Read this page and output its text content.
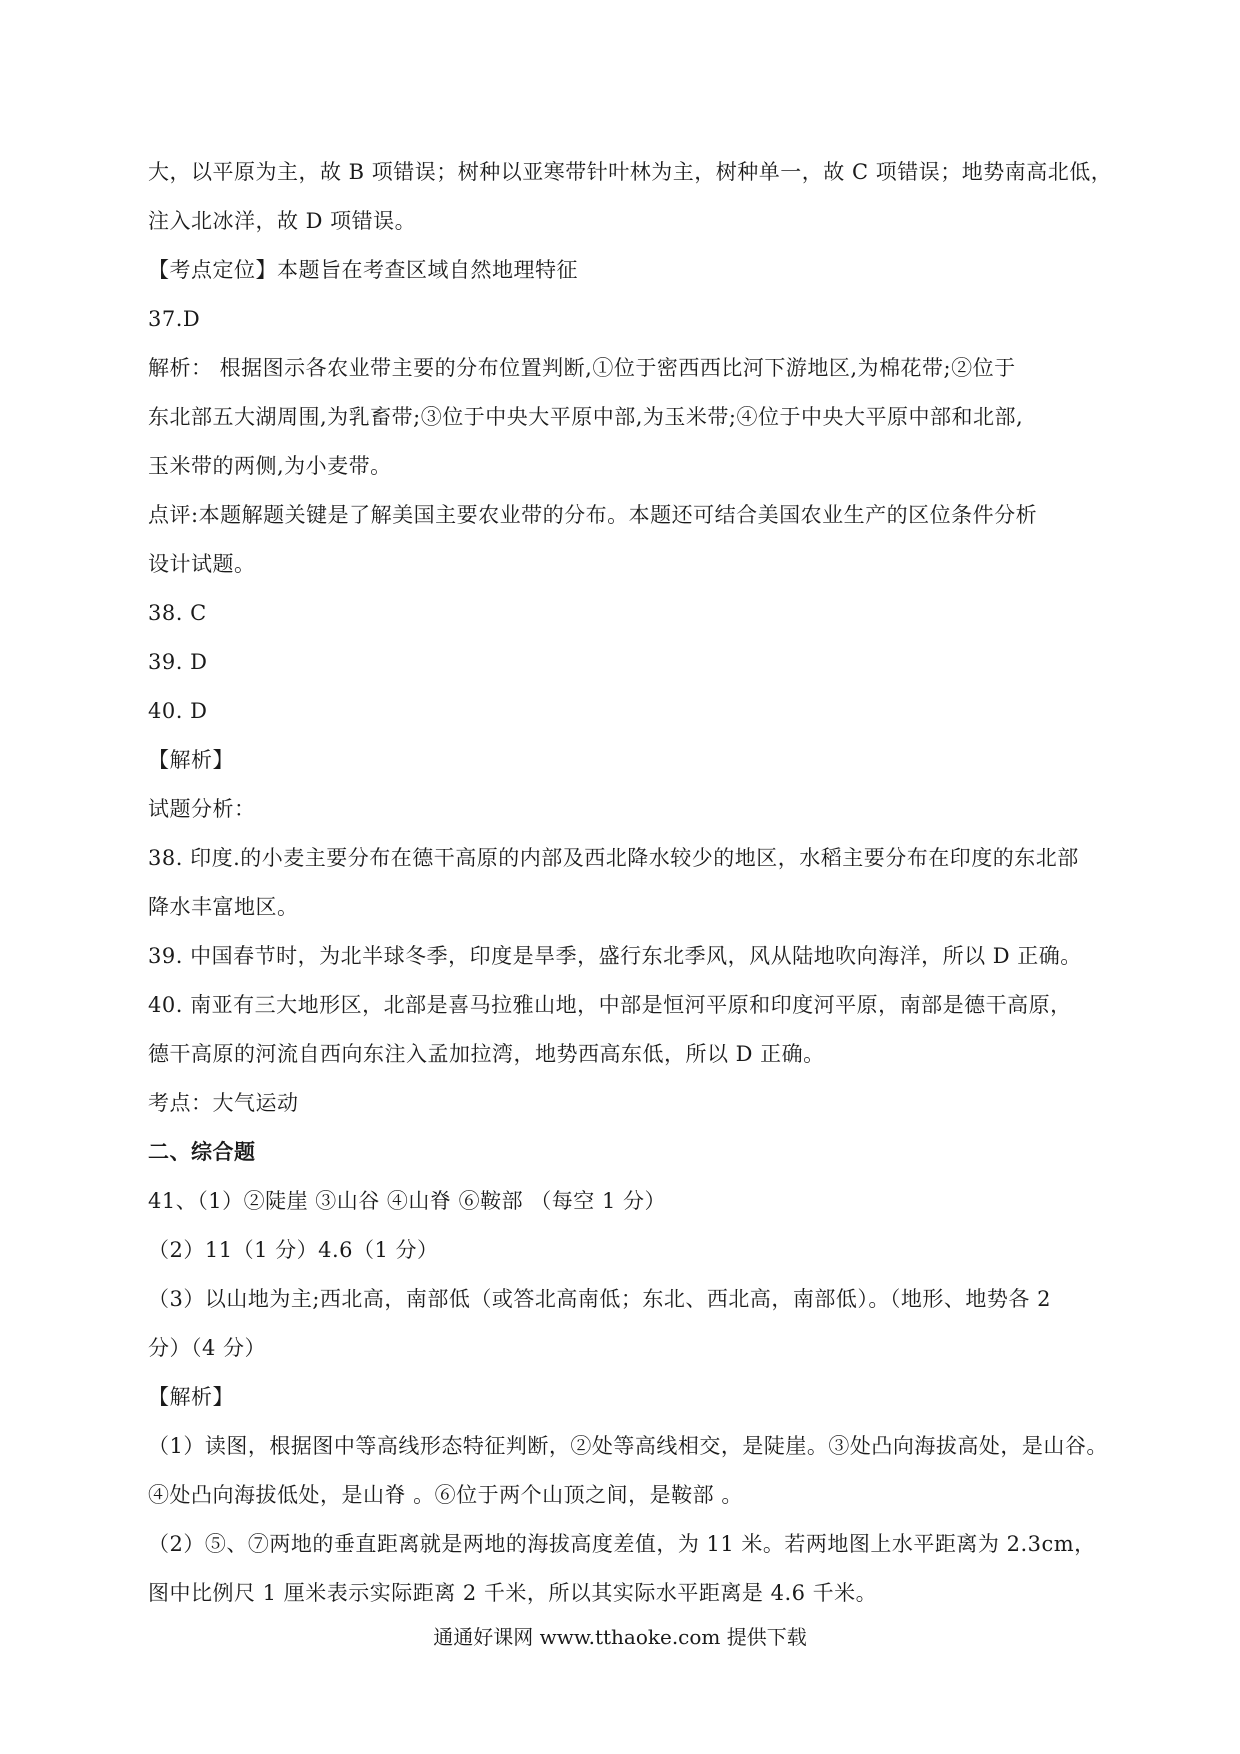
大，以平原为主，故 B 项错误；树种以亚寒带针叶林为主，树种单一，故 C 项错误；地势南高北低，
注入北冰洋，故 D 项错误。
【考点定位】本题旨在考查区域自然地理特征
37.D
解析： 根据图示各农业带主要的分布位置判断,①位于密西西比河下游地区,为棉花带;②位于
东北部五大湖周围,为乳畜带;③位于中央大平原中部,为玉米带;④位于中央大平原中部和北部,
玉米带的两侧,为小麦带。
点评:本题解题关键是了解美国主要农业带的分布。本题还可结合美国农业生产的区位条件分析
设计试题。
38. C
39. D
40. D
【解析】
试题分析：
38. 印度.的小麦主要分布在德干高原的内部及西北降水较少的地区，水稻主要分布在印度的东北部
降水丰富地区。
39. 中国春节时，为北半球冬季，印度是旱季，盛行东北季风，风从陆地吹向海洋，所以 D 正确。
40. 南亚有三大地形区，北部是喜马拉雅山地，中部是恒河平原和印度河平原，南部是德干高原，
德干高原的河流自西向东注入孟加拉湾，地势西高东低，所以 D 正确。
考点：大气运动
二、综合题
41、（1）②陡崖 ③山谷 ④山脊 ⑥鞍部 （每空 1 分）
（2）11（1 分）4.6（1 分）
（3）以山地为主;西北高，南部低（或答北高南低；东北、西北高，南部低）。（地形、地势各 2
分）（4 分）
【解析】
（1）读图，根据图中等高线形态特征判断，②处等高线相交，是陡崖。③处凸向海拔高处，是山谷。
④处凸向海拔低处，是山脊 。⑥位于两个山顶之间，是鞍部 。
（2）⑤、⑦两地的垂直距离就是两地的海拔高度差值，为 11 米。若两地图上水平距离为 2.3cm，
图中比例尺 1 厘米表示实际距离 2 千米，所以其实际水平距离是 4.6 千米。
通通好课网 www.tthaoke.com 提供下载
